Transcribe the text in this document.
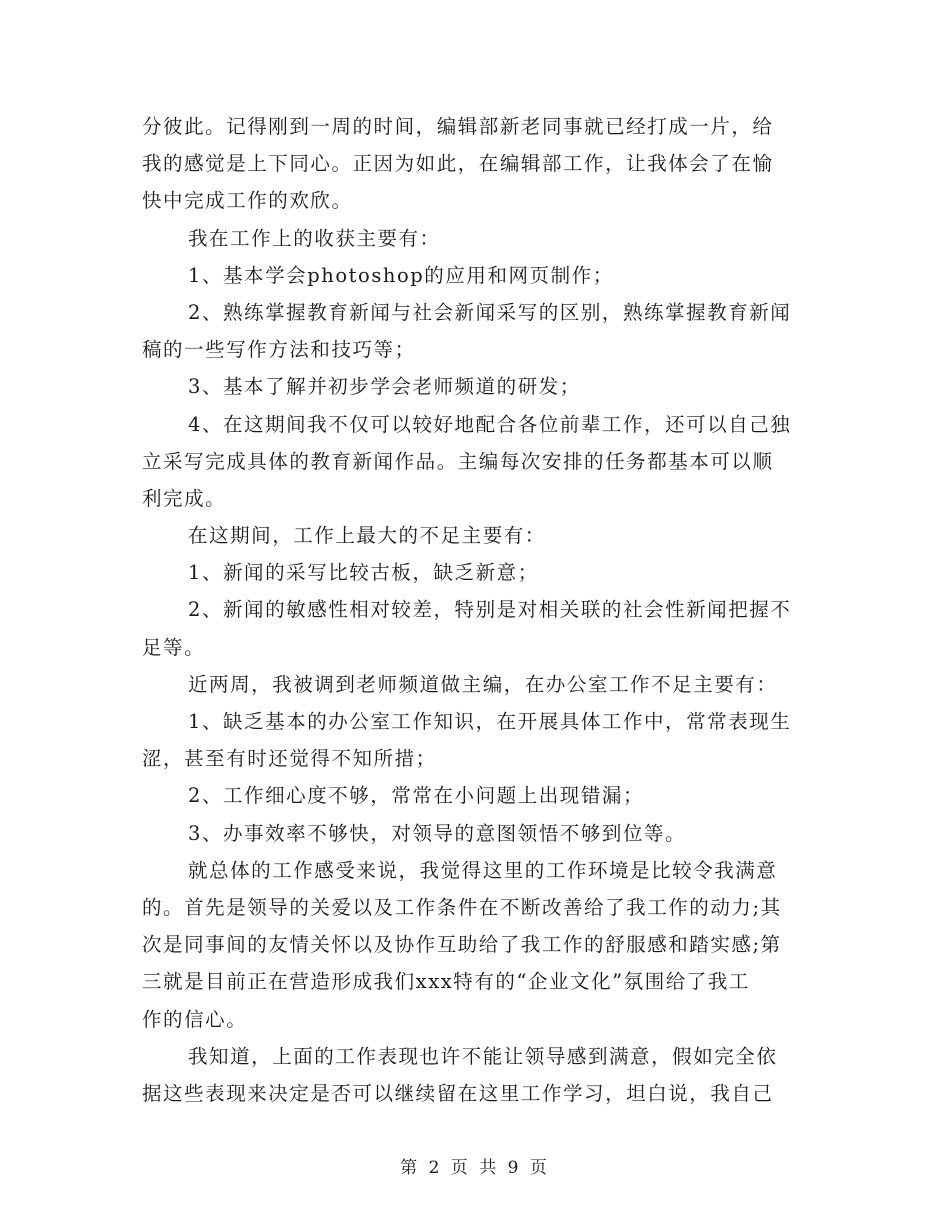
分彼此。记得刚到一周的时间，编辑部新老同事就已经打成一片，给
我的感觉是上下同心。正因为如此，在编辑部工作，让我体会了在愉
快中完成工作的欢欣。
我在工作上的收获主要有：
1、基本学会photoshop的应用和网页制作；
2、熟练掌握教育新闻与社会新闻采写的区别，熟练掌握教育新闻
稿的一些写作方法和技巧等；
3、基本了解并初步学会老师频道的研发；
4、在这期间我不仅可以较好地配合各位前辈工作，还可以自己独
立采写完成具体的教育新闻作品。主编每次安排的任务都基本可以顺
利完成。
在这期间，工作上最大的不足主要有：
1、新闻的采写比较古板，缺乏新意；
2、新闻的敏感性相对较差，特别是对相关联的社会性新闻把握不
足等。
近两周，我被调到老师频道做主编，在办公室工作不足主要有：
1、缺乏基本的办公室工作知识，在开展具体工作中，常常表现生
涩，甚至有时还觉得不知所措；
2、工作细心度不够，常常在小问题上出现错漏；
3、办事效率不够快，对领导的意图领悟不够到位等。
就总体的工作感受来说，我觉得这里的工作环境是比较令我满意
的。首先是领导的关爱以及工作条件在不断改善给了我工作的动力;其
次是同事间的友情关怀以及协作互助给了我工作的舒服感和踏实感;第
三就是目前正在营造形成我们xxx特有的“企业文化”氛围给了我工
作的信心。
我知道，上面的工作表现也许不能让领导感到满意，假如完全依
据这些表现来决定是否可以继续留在这里工作学习，坦白说，我自己
第 2 页 共 9 页
